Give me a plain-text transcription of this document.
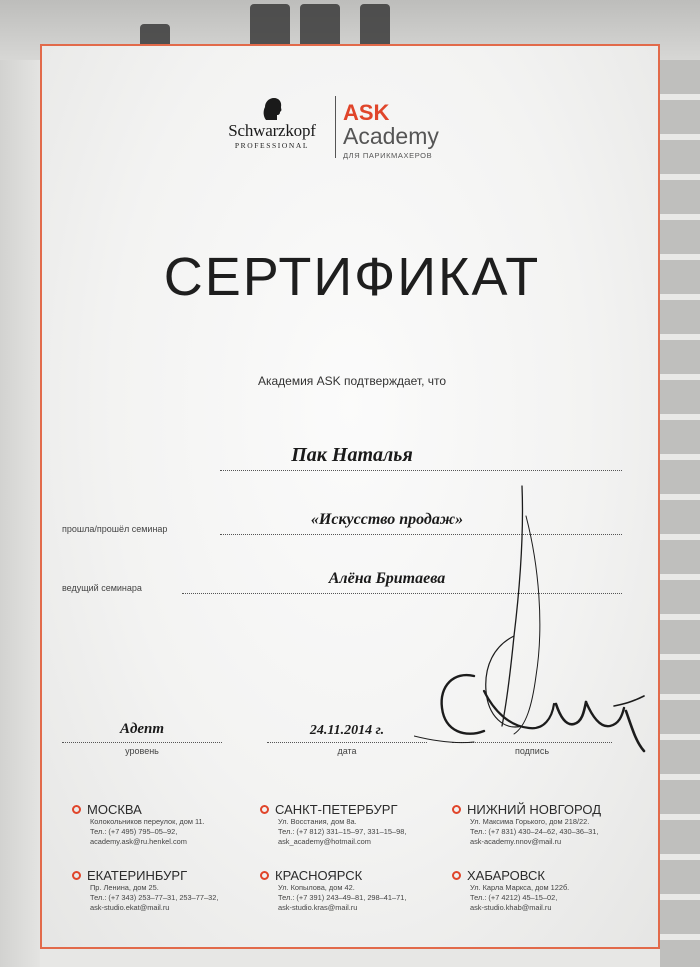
Schwarzkopf
PROFESSIONAL
ASK
Academy
ДЛЯ ПАРИКМАХЕРОВ
СЕРТИФИКАТ
Академия ASK подтверждает, что
Пак Наталья
прошла/прошёл семинар
«Искусство продаж»
ведущий семинара
Алёна Бритаева
Адепт
уровень
24.11.2014 г.
дата	подпись
МОСКВА
Колокольников переулок, дом 11.
Тел.: (+7 495) 795–05–92,
academy.ask@ru.henkel.com
САНКТ-ПЕТЕРБУРГ
Ул. Восстания, дом 8а.
Тел.: (+7 812) 331–15–97, 331–15–98,
ask_academy@hotmail.com
НИЖНИЙ НОВГОРОД
Ул. Максима Горького, дом 218/22.
Тел.: (+7 831) 430–24–62, 430–36–31,
ask-academy.nnov@mail.ru
ЕКАТЕРИНБУРГ
Пр. Ленина, дом 25.
Тел.: (+7 343) 253–77–31, 253–77–32,
ask-studio.ekat@mail.ru
КРАСНОЯРСК
Ул. Копылова, дом 42.
Тел.: (+7 391) 243–49–81, 298–41–71,
ask-studio.kras@mail.ru
ХАБАРОВСК
Ул. Карла Маркса, дом 122б.
Тел.: (+7 4212) 45–15–02,
ask-studio.khab@mail.ru
